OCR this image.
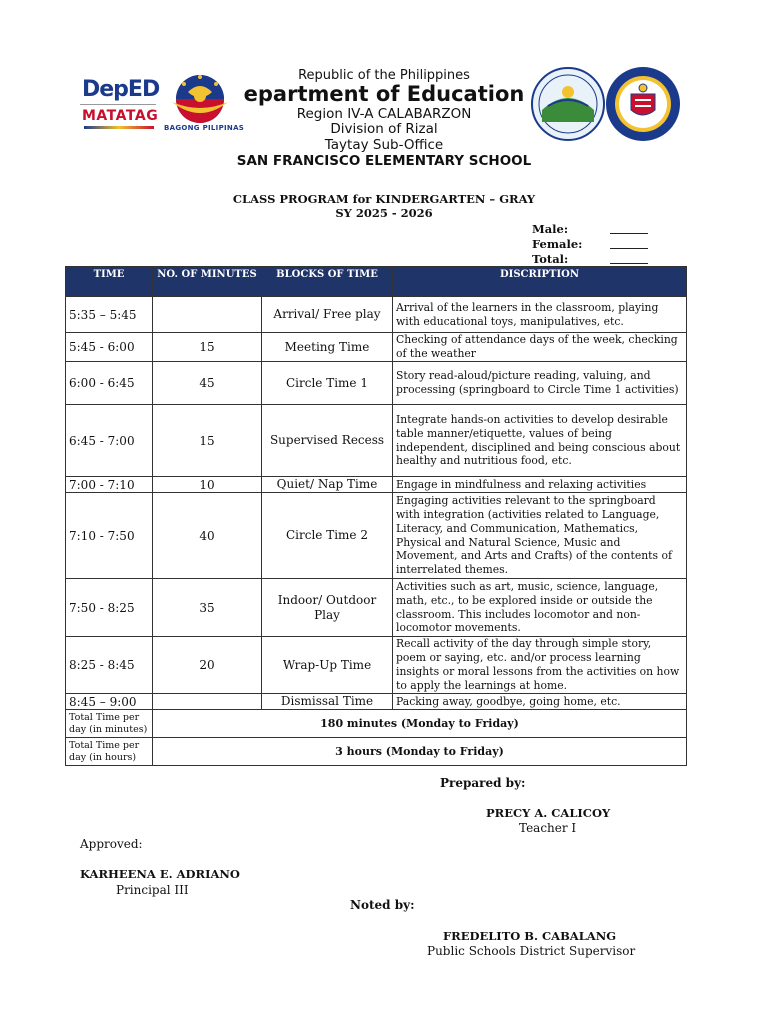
DepED
MATATAG
BAGONG PILIPINAS
Republic of the Philippines
epartment of Education
Region IV-A CALABARZON
Division of Rizal
Taytay Sub-Office
SAN FRANCISCO ELEMENTARY SCHOOL
CLASS PROGRAM for KINDERGARTEN – GRAY
SY 2025 - 2026
Male:
Female:
Total:
TIME	NO. OF MINUTES	BLOCKS OF TIME	DISCRIPTION
5:35 – 5:45		Arrival/ Free play	Arrival of the learners in the classroom, playing with educational toys, manipulatives, etc.
5:45 - 6:00	15	Meeting Time	Checking of attendance days of the week, checking of the weather
6:00 - 6:45	45	Circle Time 1	Story read-aloud/picture reading, valuing, and processing (springboard to Circle Time 1 activities)
6:45 - 7:00	15	Supervised Recess	Integrate hands-on activities to develop desirable table manner/etiquette, values of being independent, disciplined and being conscious about healthy and nutritious food, etc.
7:00 - 7:10	10	Quiet/ Nap Time	Engage in mindfulness and relaxing activities
7:10 - 7:50	40	Circle Time 2	Engaging activities relevant to the springboard with integration (activities related to Language, Literacy, and Communication, Mathematics, Physical and Natural Science, Music and Movement, and Arts and Crafts) of the contents of interrelated themes.
7:50 - 8:25	35	Indoor/ Outdoor Play	Activities such as art, music, science, language, math, etc., to be explored inside or outside the classroom. This includes locomotor and non-locomotor movements.
8:25 - 8:45	20	Wrap-Up Time	Recall activity of the day through simple story, poem or saying, etc. and/or process learning insights or moral lessons from the activities on how to apply the learnings at home.
8:45 – 9:00		Dismissal Time	Packing away, goodbye, going home, etc.
Total Time per day (in minutes)	180 minutes (Monday to Friday)		
Total Time per day (in hours)	3 hours (Monday to Friday)		
Prepared by:
PRECY A. CALICOY
Teacher I
Approved:
KARHEENA E. ADRIANO
Principal III
Noted by:
FREDELITO B. CABALANG
Public Schools District Supervisor
